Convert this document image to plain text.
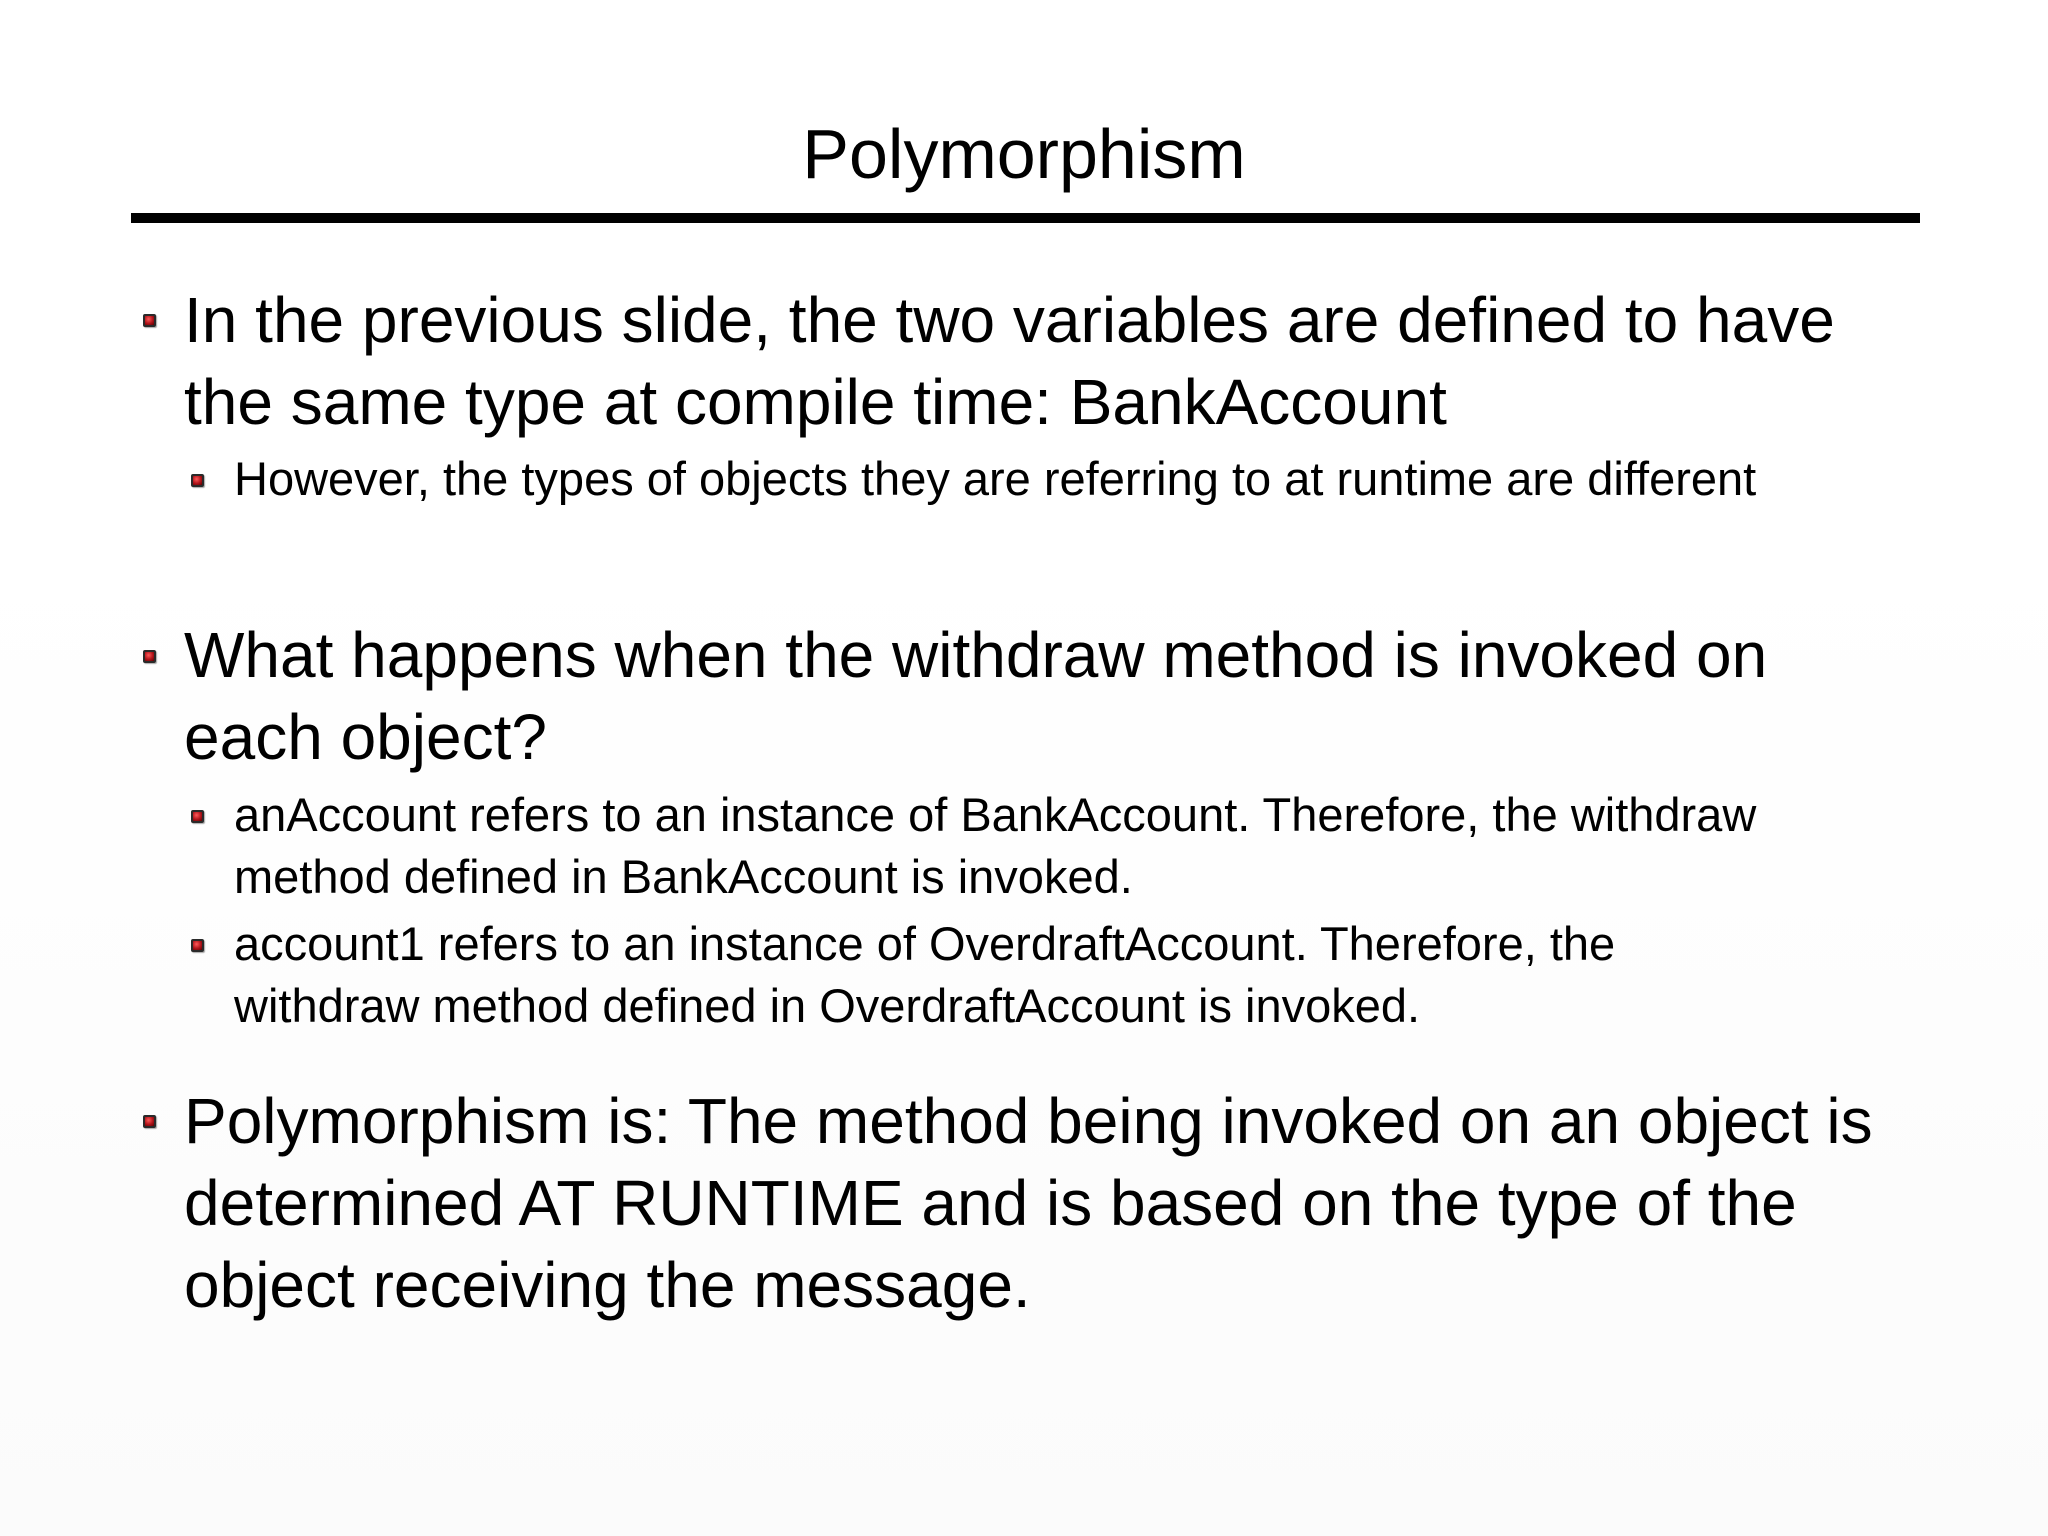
Polymorphism

In the previous slide, the two variables are defined to have the same type at compile time: BankAccount

However, the types of objects they are referring to at runtime are different

What happens when the withdraw method is invoked on each object?

anAccount refers to an instance of BankAccount. Therefore, the withdraw method defined in BankAccount is invoked.

account1 refers to an instance of OverdraftAccount. Therefore, the withdraw method defined in OverdraftAccount is invoked.

Polymorphism is: The method being invoked on an object is determined AT RUNTIME and is based on the type of the object receiving the message.
